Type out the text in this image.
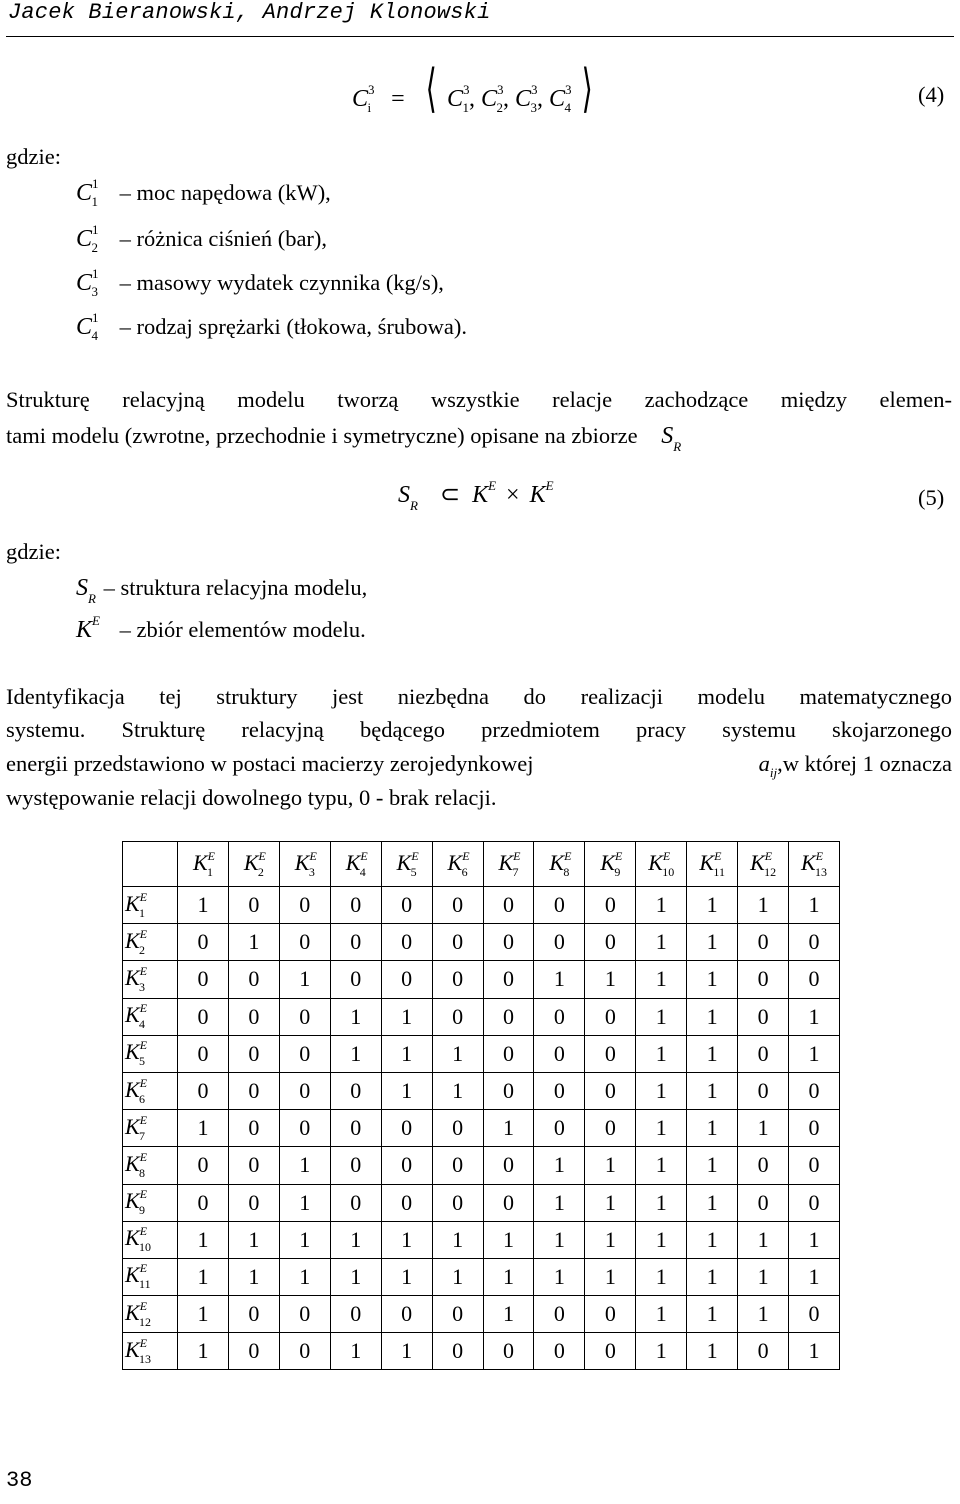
Jacek Bieranowski, Andrzej Klonowski
$C^3_i$ = ⟨ $C^3_1$, $C^3_2$, $C^3_3$, $C^3_4$ ⟩	(4)
gdzie:
$C^1_1$ – moc napędowa (kW),
$C^1_2$ – różnica ciśnień (bar),
$C^1_3$ – masowy wydatek czynnika (kg/s),
$C^1_4$ – rodzaj sprężarki (tłokowa, śrubowa).
Strukturę relacyjną modelu tworzą wszystkie relacje zachodzące między elemen-
tami modelu (zwrotne, przechodnie i symetryczne) opisane na zbiorze $S_R$
$S_R$ ⊂ $K^E \times K^E$	(5)
gdzie:
$S_R$ – struktura relacyjna modelu,
$K^E$ – zbiór elementów modelu.
Identyfikacja tej struktury jest niezbędna do realizacji modelu matematycznego
systemu. Strukturę relacyjną będącego przedmiotem pracy systemu skojarzonego
energii przedstawiono w postaci macierzy zerojedynkowej	$a_{ij},w$ której 1 oznacza
występowanie relacji dowolnego typu, 0 - brak relacji.
	$K^E_1$	$K^E_2$	$K^E_3$	$K^E_4$	$K^E_5$	$K^E_6$	$K^E_7$	$K^E_8$	$K^E_9$	$K^E_{10}$	$K^E_{11}$	$K^E_{12}$	$K^E_{13}$
$K^E_1$	1	0	0	0	0	0	0	0	0	1	1	1	1
$K^E_2$	0	1	0	0	0	0	0	0	0	1	1	0	0
$K^E_3$	0	0	1	0	0	0	0	1	1	1	1	0	0
$K^E_4$	0	0	0	1	1	0	0	0	0	1	1	0	1
$K^E_5$	0	0	0	1	1	1	0	0	0	1	1	0	1
$K^E_6$	0	0	0	0	1	1	0	0	0	1	1	0	0
$K^E_7$	1	0	0	0	0	0	1	0	0	1	1	1	0
$K^E_8$	0	0	1	0	0	0	0	1	1	1	1	0	0
$K^E_9$	0	0	1	0	0	0	0	1	1	1	1	0	0
$K^E_{10}$	1	1	1	1	1	1	1	1	1	1	1	1	1
$K^E_{11}$	1	1	1	1	1	1	1	1	1	1	1	1	1
$K^E_{12}$	1	0	0	0	0	0	1	0	0	1	1	1	0
$K^E_{13}$	1	0	0	1	1	0	0	0	0	1	1	0	1
38
